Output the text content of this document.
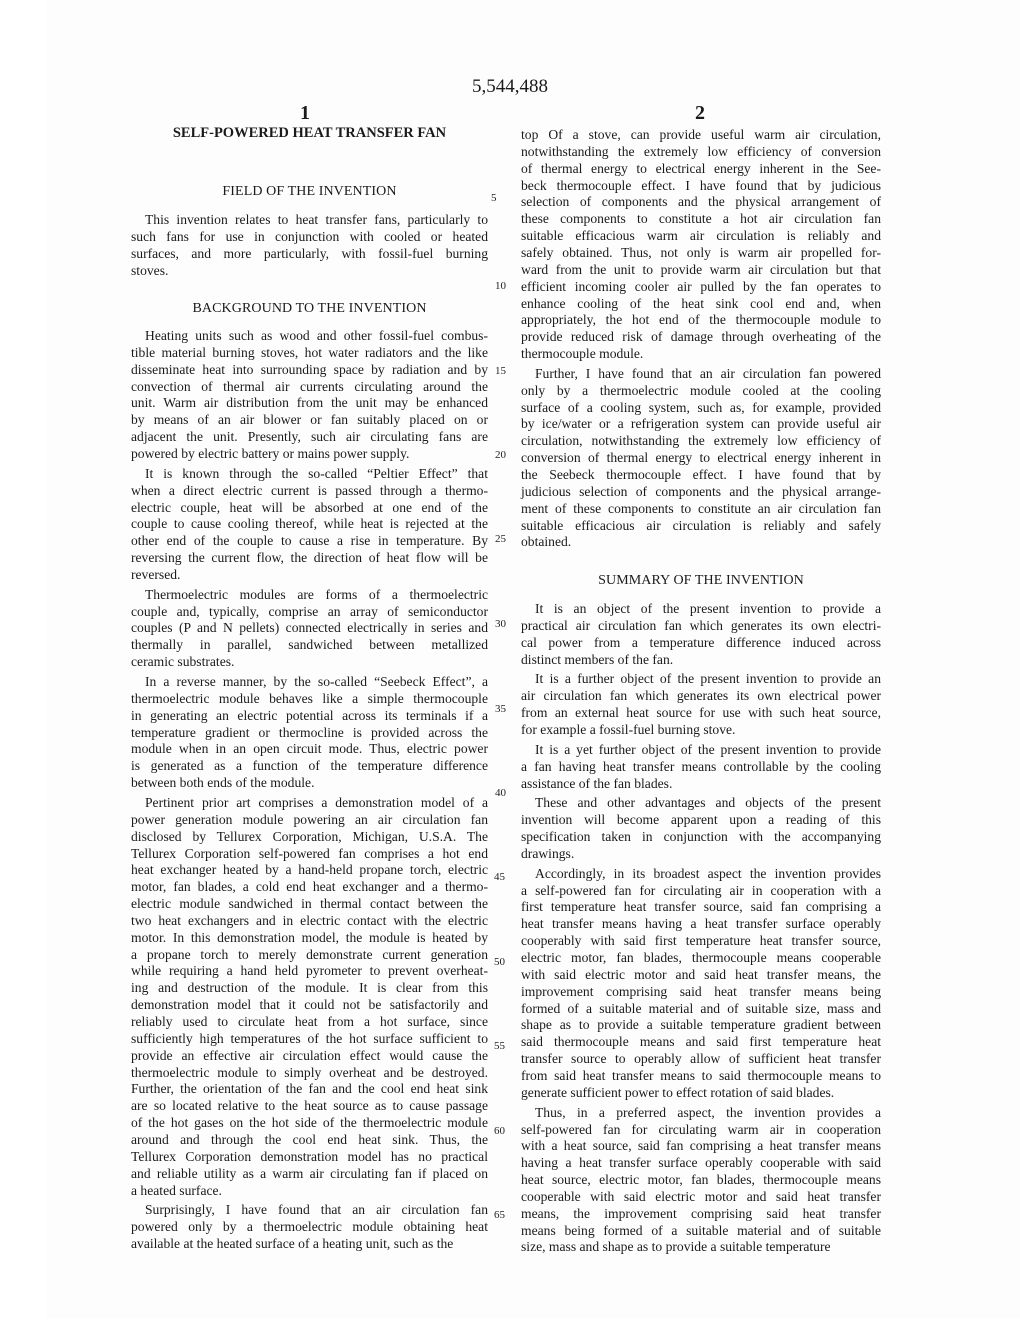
5,544,488
1	2
SELF-POWERED HEAT TRANSFER FAN
FIELD OF THE INVENTION
BACKGROUND TO THE INVENTION
SUMMARY OF THE INVENTION
This invention relates to heat transfer fans, particularly to
such fans for use in conjunction with cooled or heated
surfaces, and more particularly, with fossil-fuel burning
stoves.
Heating units such as wood and other fossil-fuel combus-
tible material burning stoves, hot water radiators and the like
disseminate heat into surrounding space by radiation and by
convection of thermal air currents circulating around the
unit. Warm air distribution from the unit may be enhanced
by means of an air blower or fan suitably placed on or
adjacent the unit. Presently, such air circulating fans are
powered by electric battery or mains power supply.
It is known through the so-called “Peltier Effect” that
when a direct electric current is passed through a thermo-
electric couple, heat will be absorbed at one end of the
couple to cause cooling thereof, while heat is rejected at the
other end of the couple to cause a rise in temperature. By
reversing the current flow, the direction of heat flow will be
reversed.
Thermoelectric modules are forms of a thermoelectric
couple and, typically, comprise an array of semiconductor
couples (P and N pellets) connected electrically in series and
thermally in parallel, sandwiched between metallized
ceramic substrates.
In a reverse manner, by the so-called “Seebeck Effect”, a
thermoelectric module behaves like a simple thermocouple
in generating an electric potential across its terminals if a
temperature gradient or thermocline is provided across the
module when in an open circuit mode. Thus, electric power
is generated as a function of the temperature difference
between both ends of the module.
Pertinent prior art comprises a demonstration model of a
power generation module powering an air circulation fan
disclosed by Tellurex Corporation, Michigan, U.S.A. The
Tellurex Corporation self-powered fan comprises a hot end
heat exchanger heated by a hand-held propane torch, electric
motor, fan blades, a cold end heat exchanger and a thermo-
electric module sandwiched in thermal contact between the
two heat exchangers and in electric contact with the electric
motor. In this demonstration model, the module is heated by
a propane torch to merely demonstrate current generation
while requiring a hand held pyrometer to prevent overheat-
ing and destruction of the module. It is clear from this
demonstration model that it could not be satisfactorily and
reliably used to circulate heat from a hot surface, since
sufficiently high temperatures of the hot surface sufficient to
provide an effective air circulation effect would cause the
thermoelectric module to simply overheat and be destroyed.
Further, the orientation of the fan and the cool end heat sink
are so located relative to the heat source as to cause passage
of the hot gases on the hot side of the thermoelectric module
around and through the cool end heat sink. Thus, the
Tellurex Corporation demonstration model has no practical
and reliable utility as a warm air circulating fan if placed on
a heated surface.
Surprisingly, I have found that an air circulation fan
powered only by a thermoelectric module obtaining heat
available at the heated surface of a heating unit, such as the
top Of a stove, can provide useful warm air circulation,
notwithstanding the extremely low efficiency of conversion
of thermal energy to electrical energy inherent in the See-
beck thermocouple effect. I have found that by judicious
selection of components and the physical arrangement of
these components to constitute a hot air circulation fan
suitable efficacious warm air circulation is reliably and
safely obtained. Thus, not only is warm air propelled for-
ward from the unit to provide warm air circulation but that
efficient incoming cooler air pulled by the fan operates to
enhance cooling of the heat sink cool end and, when
appropriately, the hot end of the thermocouple module to
provide reduced risk of damage through overheating of the
thermocouple module.
Further, I have found that an air circulation fan powered
only by a thermoelectric module cooled at the cooling
surface of a cooling system, such as, for example, provided
by ice/water or a refrigeration system can provide useful air
circulation, notwithstanding the extremely low efficiency of
conversion of thermal energy to electrical energy inherent in
the Seebeck thermocouple effect. I have found that by
judicious selection of components and the physical arrange-
ment of these components to constitute an air circulation fan
suitable efficacious air circulation is reliably and safely
obtained.
It is an object of the present invention to provide a
practical air circulation fan which generates its own electri-
cal power from a temperature difference induced across
distinct members of the fan.
It is a further object of the present invention to provide an
air circulation fan which generates its own electrical power
from an external heat source for use with such heat source,
for example a fossil-fuel burning stove.
It is a yet further object of the present invention to provide
a fan having heat transfer means controllable by the cooling
assistance of the fan blades.
These and other advantages and objects of the present
invention will become apparent upon a reading of this
specification taken in conjunction with the accompanying
drawings.
Accordingly, in its broadest aspect the invention provides
a self-powered fan for circulating air in cooperation with a
first temperature heat transfer source, said fan comprising a
heat transfer means having a heat transfer surface operably
cooperably with said first temperature heat transfer source,
electric motor, fan blades, thermocouple means cooperable
with said electric motor and said heat transfer means, the
improvement comprising said heat transfer means being
formed of a suitable material and of suitable size, mass and
shape as to provide a suitable temperature gradient between
said thermocouple means and said first temperature heat
transfer source to operably allow of sufficient heat transfer
from said heat transfer means to said thermocouple means to
generate sufficient power to effect rotation of said blades.
Thus, in a preferred aspect, the invention provides a
self-powered fan for circulating warm air in cooperation
with a heat source, said fan comprising a heat transfer means
having a heat transfer surface operably cooperable with said
heat source, electric motor, fan blades, thermocouple means
cooperable with said electric motor and said heat transfer
means, the improvement comprising said heat transfer
means being formed of a suitable material and of suitable
size, mass and shape as to provide a suitable temperature
5
10
15
20
25
30
35
40
45
50
55
60
65
